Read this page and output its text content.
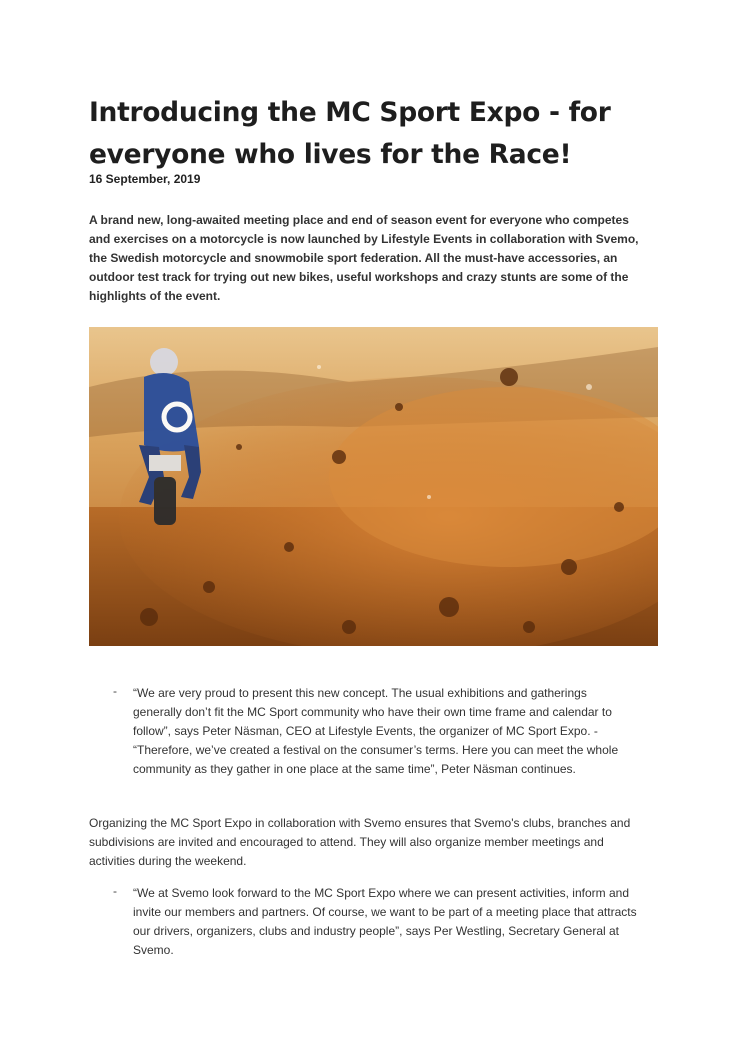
Introducing the MC Sport Expo - for everyone who lives for the Race!
16 September, 2019

A brand new, long-awaited meeting place and end of season event for everyone who competes and exercises on a motorcycle is now launched by Lifestyle Events in collaboration with Svemo, the Swedish motorcycle and snowmobile sport federation. All the must-have accessories, an outdoor test track for trying out new bikes, useful workshops and crazy stunts are some of the highlights of the event.

- “We are very proud to present this new concept. The usual exhibitions and gatherings generally don’t fit the MC Sport community who have their own time frame and calendar to follow”, says Peter Näsman, CEO at Lifestyle Events, the organizer of MC Sport Expo. - “Therefore, we’ve created a festival on the consumer’s terms. Here you can meet the whole community as they gather in one place at the same time”, Peter Näsman continues.

Organizing the MC Sport Expo in collaboration with Svemo ensures that Svemo's clubs, branches and subdivisions are invited and encouraged to attend. They will also organize member meetings and activities during the weekend.

- “We at Svemo look forward to the MC Sport Expo where we can present activities, inform and invite our members and partners. Of course, we want to be part of a meeting place that attracts our drivers, organizers, clubs and industry people”, says Per Westling, Secretary General at Svemo.
